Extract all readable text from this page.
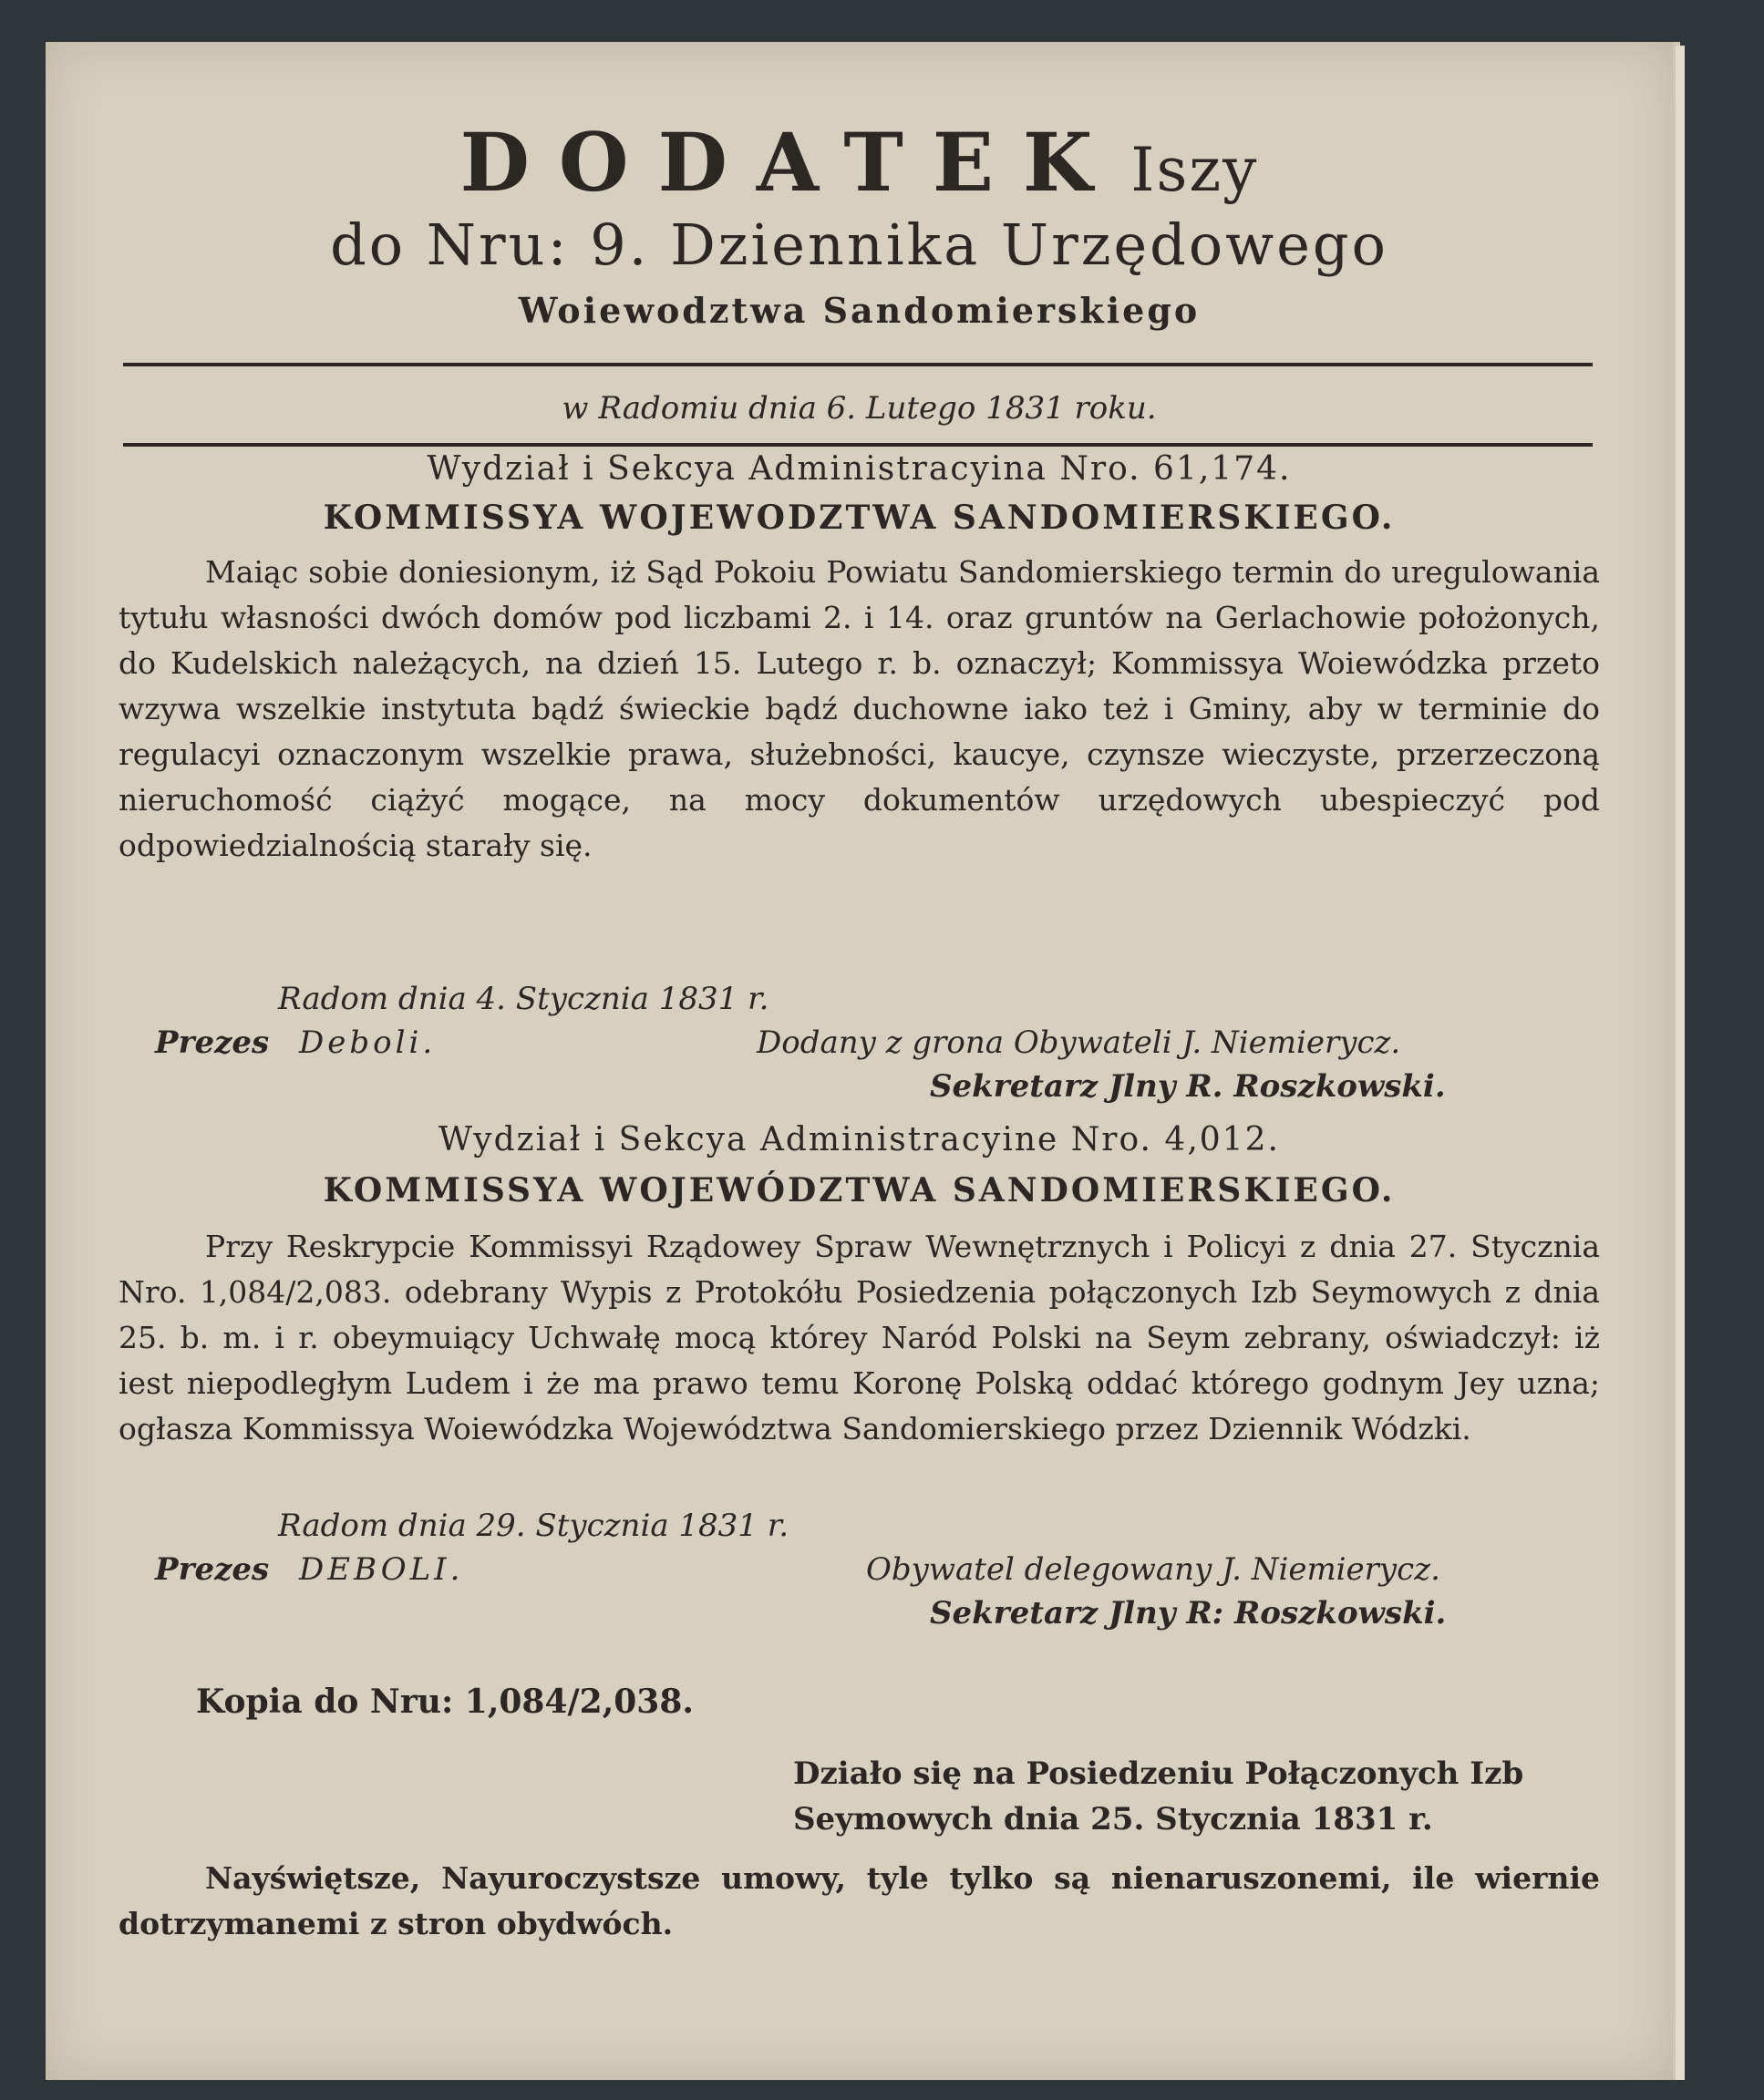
DODATEK Iszy
do Nru: 9. Dziennika Urzędowego
Woiewodztwa Sandomierskiego
w Radomiu dnia 6. Lutego 1831 roku.
Wydział i Sekcya Administracyina Nro. 61,174.
KOMMISSYA WOJEWODZTWA SANDOMIERSKIEGO.

Maiąc sobie doniesionym, iż Sąd Pokoiu Powiatu Sandomierskiego termin do uregulowania tytułu własności dwóch domów pod liczbami 2. i 14. oraz gruntów na Gerlachowie położonych, do Kudelskich należących, na dzień 15. Lutego r. b. oznaczył; Kommissya Woiewódzka przeto wzywa wszelkie instytuta bądź świeckie bądź duchowne iako też i Gminy, aby w terminie do regulacyi oznaczonym wszelkie prawa, służebności, kaucye, czynsze wieczyste, przerzeczoną nieruchomość ciążyć mogące, na mocy dokumentów urzędowych ubespieczyć pod odpowiedzialnością starały się.

Radom dnia 4. Stycznia 1831 r.
Prezes Deboli.	Dodany z grona Obywateli J. Niemierycz.
Sekretarz Jlny R. Roszkowski.
Wydział i Sekcya Administracyine Nro. 4,012.
KOMMISSYA WOJEWÓDZTWA SANDOMIERSKIEGO.

Przy Reskrypcie Kommissyi Rządowey Spraw Wewnętrznych i Policyi z dnia 27. Stycznia Nro. 1,084/2,083. odebrany Wypis z Protokółu Posiedzenia połączonych Izb Seymowych z dnia 25. b. m. i r. obeymuiący Uchwałę mocą którey Naród Polski na Seym zebrany, oświadczył: iż iest niepodległym Ludem i że ma prawo temu Koronę Polską oddać którego godnym Jey uzna; ogłasza Kommissya Woiewódzka Województwa Sandomierskiego przez Dziennik Wódzki.

Radom dnia 29. Stycznia 1831 r.
Prezes DEBOLI.	Obywatel delegowany J. Niemierycz.
Sekretarz Jlny R: Roszkowski.
Kopia do Nru: 1,084/2,038.
Działo się na Posiedzeniu Połączonych Izb
Seymowych dnia 25. Stycznia 1831 r.

Nayświętsze, Nayuroczystsze umowy, tyle tylko są nienaruszonemi, ile wiernie dotrzymanemi z stron obydwóch.
